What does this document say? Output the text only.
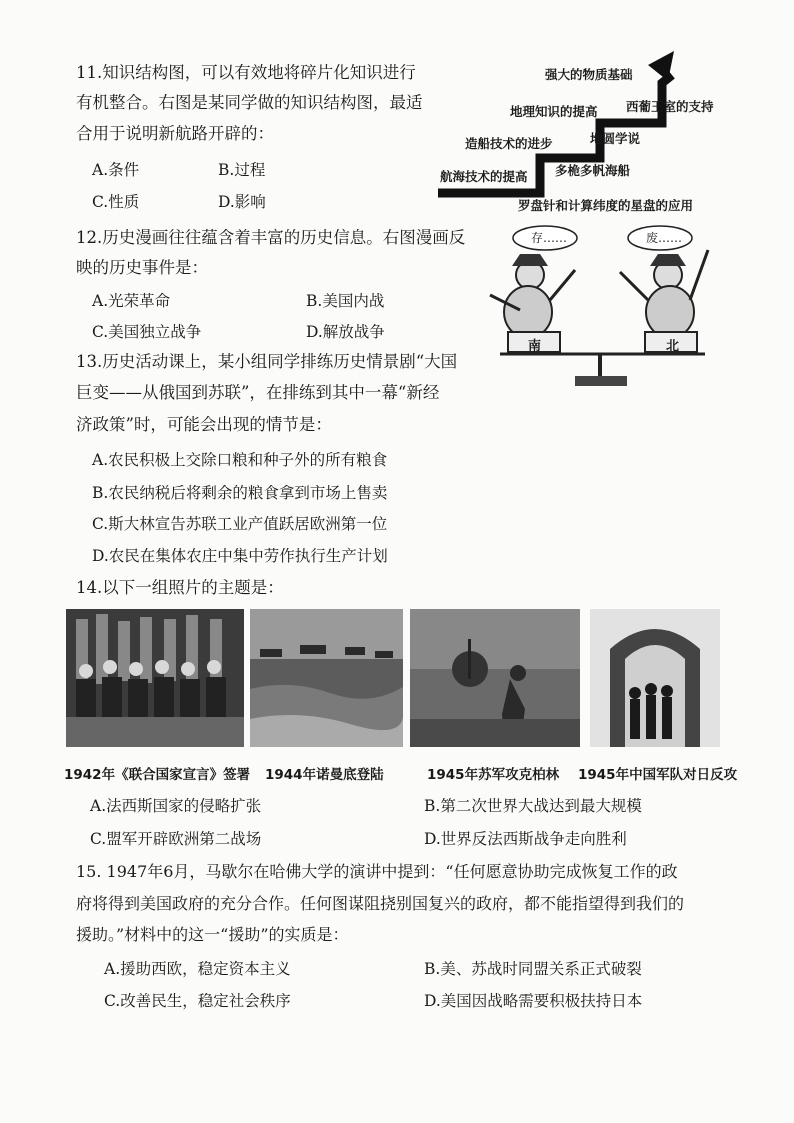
11.知识结构图，可以有效地将碎片化知识进行
有机整合。右图是某同学做的知识结构图，最适
合用于说明新航路开辟的：
A.条件	B.过程
C.性质	D.影响
强大的物质基础
地理知识的提高 西葡王室的支持
造船技术的进步	地圆学说
航海技术的提高 多桅多帆海船
罗盘针和计算纬度的星盘的应用
12.历史漫画往往蕴含着丰富的历史信息。右图漫画反
映的历史事件是：
A.光荣革命	B.美国内战
C.美国独立战争	D.解放战争
存……	废……
南	北
13.历史活动课上，某小组同学排练历史情景剧“大国
巨变——从俄国到苏联”，在排练到其中一幕“新经
济政策”时，可能会出现的情节是：
A.农民积极上交除口粮和种子外的所有粮食
B.农民纳税后将剩余的粮食拿到市场上售卖
C.斯大林宣告苏联工业产值跃居欧洲第一位
D.农民在集体农庄中集中劳作执行生产计划
14.以下一组照片的主题是：
1942年《联合国家宣言》签署 1944年诺曼底登陆	1945年苏军攻克柏林 1945年中国军队对日反攻
A.法西斯国家的侵略扩张	B.第二次世界大战达到最大规模
C.盟军开辟欧洲第二战场	D.世界反法西斯战争走向胜利
15. 1947年6月，马歇尔在哈佛大学的演讲中提到：“任何愿意协助完成恢复工作的政
府将得到美国政府的充分合作。任何图谋阻挠别国复兴的政府，都不能指望得到我们的
援助。”材料中的这一“援助”的实质是：
A.援助西欧，稳定资本主义	B.美、苏战时同盟关系正式破裂
C.改善民生，稳定社会秩序	D.美国因战略需要积极扶持日本
